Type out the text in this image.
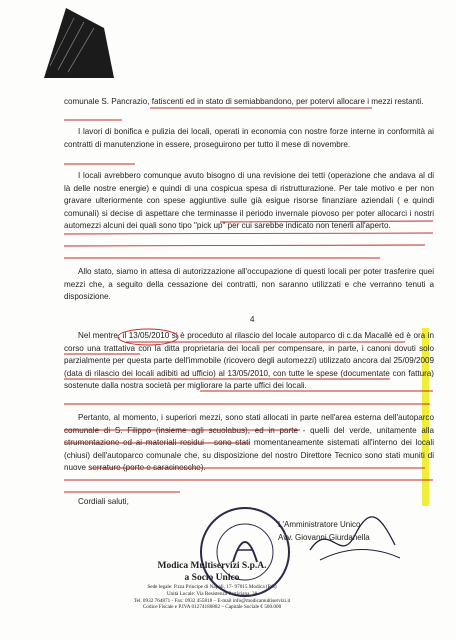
comunale S. Pancrazio, fatiscenti ed in stato di semiabbandono, per potervi allocare i mezzi restanti.

I lavori di bonifica e pulizia dei locali, operati in economia con nostre forze interne in conformità ai contratti di manutenzione in essere, proseguirono per tutto il mese di novembre.

I locali avrebbero comunque avuto bisogno di una revisione dei tetti (operazione che andava al di là delle nostre energie) e quindi di una cospicua spesa di ristrutturazione. Per tale motivo e per non gravare ulteriormente con spese aggiuntive sulle già esigue risorse finanziare aziendali ( e quindi comunali) si decise di aspettare che terminasse il periodo invernale piovoso per poter allocarci i nostri automezzi alcuni dei quali sono tipo "pick up" per cui sarebbe indicato non tenerli all'aperto.

Allo stato, siamo in attesa di autorizzazione all'occupazione di questi locali per poter trasferire quei mezzi che, a seguito della cessazione dei contratti, non saranno utilizzati e che verranno tenuti a disposizione.

4

Nel mentre, il 13/05/2010 si è proceduto al rilascio del locale autoparco di c.da Macallè ed è ora in corso una trattativa con la ditta proprietaria dei locali per compensare, in parte, i canoni dovuti solo parzialmente per questa parte dell'immobile (ricovero degli automezzi) utilizzato ancora dal 25/09/2009 (data di rilascio dei locali adibiti ad ufficio) al 13/05/2010, con tutte le spese (documentate con fattura) sostenute dalla nostra società per migliorare la parte uffici dei locali.

Pertanto, al momento, i superiori mezzi, sono stati allocati in parte nell'area esterna dell'autoparco comunale di S. Filippo (insieme agli scuolabus), ed in parte - quelli del verde, unitamente alla strumentazione ed ai materiali residui - sono stati momentaneamente sistemati all'interno dei locali (chiusi) dell'autoparco comunale che, su disposizione del nostro Direttore Tecnico sono stati muniti di nuove serrature (porte e saracinesche).

Cordiali saluti,

L'Amministratore Unico
Avv. Giovanni Giurdanella
Modica Multiservizi S.p.A.
a Socio Unico
Sede legale: P.zza Principe di Napoli, 17- 97015 Modica (RG)
Unità Locale: Via Resistenza Partigiana, 38
Tel. 0932 764871 - Fax: 0932 455818 – E-mail info@modicamultiservizi.it
Codice Fiscale e P.IVA 01274180882 – Capitale Sociale € 500.000
